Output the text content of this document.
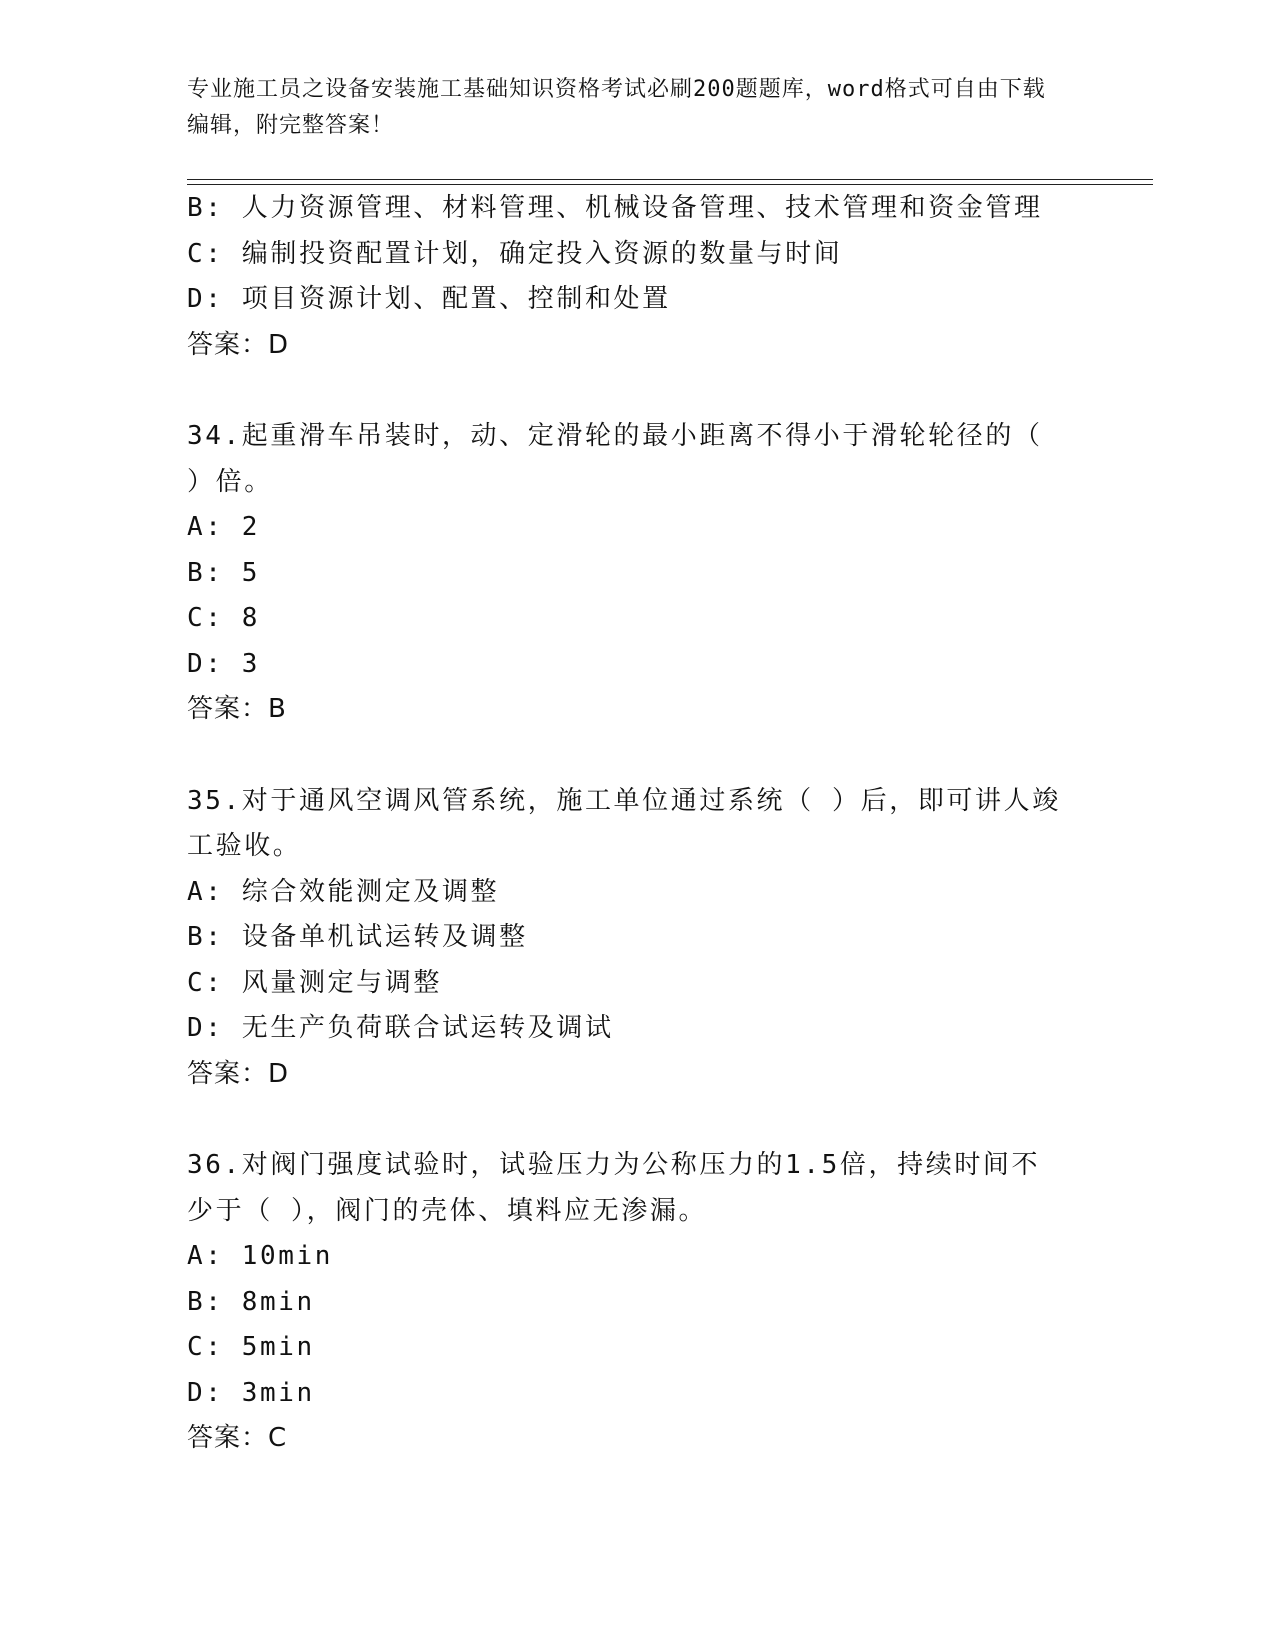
专业施工员之设备安装施工基础知识资格考试必刷200题题库，word格式可自由下载编辑，附完整答案！
B: 人力资源管理、材料管理、机械设备管理、技术管理和资金管理
C: 编制投资配置计划，确定投入资源的数量与时间
D: 项目资源计划、配置、控制和处置
答案：D
34.起重滑车吊装时，动、定滑轮的最小距离不得小于滑轮轮径的（ ）倍。
A: 2
B: 5
C: 8
D: 3
答案：B
35.对于通风空调风管系统，施工单位通过系统（ ）后，即可讲人竣工验收。
A: 综合效能测定及调整
B: 设备单机试运转及调整
C: 风量测定与调整
D: 无生产负荷联合试运转及调试
答案：D
36.对阀门强度试验时，试验压力为公称压力的1.5倍，持续时间不少于（ ），阀门的壳体、填料应无渗漏。
A: 10min
B: 8min
C: 5min
D: 3min
答案：C
